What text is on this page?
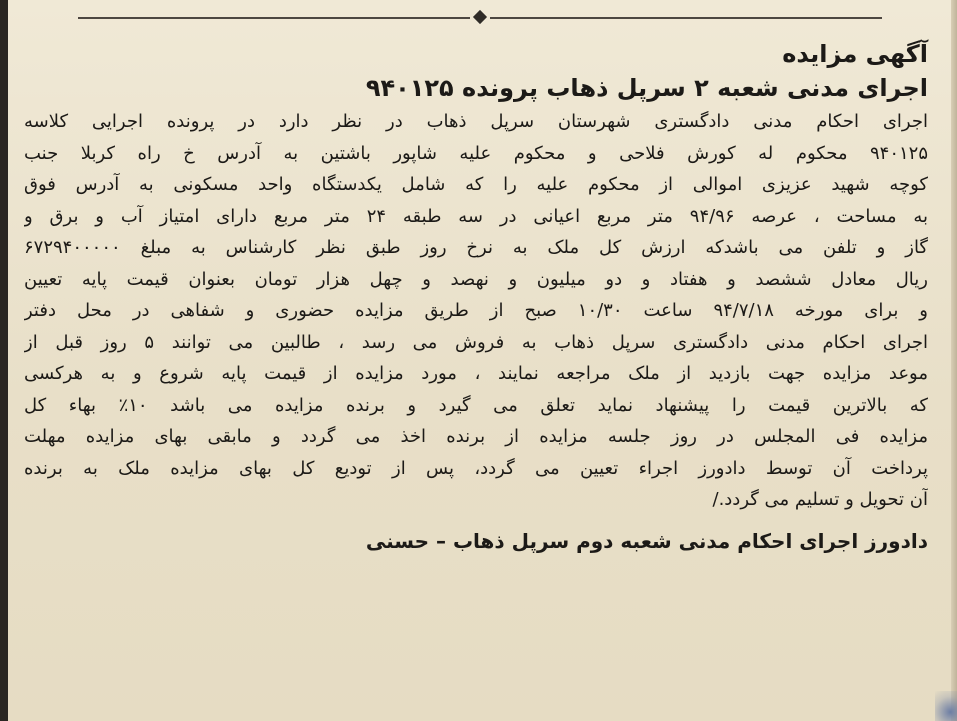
آگهی مزایده
اجرای مدنی شعبه ۲ سرپل ذهاب پرونده ۹۴۰۱۲۵
اجرای احکام مدنی دادگستری شهرستان سرپل ذهاب در نظر دارد در پرونده اجرایی کلاسه
۹۴۰۱۲۵ محکوم له کورش فلاحی و محکوم علیه شاپور باشتین به آدرس خ راه کربلا جنب
کوچه شهید عزیزی اموالی از محکوم علیه را که شامل یکدستگاه واحد مسکونی به آدرس فوق
به مساحت ، عرصه ۹۴/۹۶ متر مربع اعیانی در سه طبقه ۲۴ متر مربع دارای امتیاز آب و برق و
گاز و تلفن می باشدکه ارزش کل ملک به نرخ روز طبق نظر کارشناس به مبلغ ۶۷۲۹۴۰۰۰۰۰
ریال معادل ششصد و هفتاد و دو میلیون و نهصد و چهل هزار تومان بعنوان قیمت پایه تعیین
و برای مورخه ۹۴/۷/۱۸ ساعت ۱۰/۳۰ صبح از طریق مزایده حضوری و شفاهی در محل دفتر
اجرای احکام مدنی دادگستری سرپل ذهاب به فروش می رسد ، طالبین می توانند ۵ روز قبل از
موعد مزایده جهت بازدید از ملک مراجعه نمایند ، مورد مزایده از قیمت پایه شروع و به هرکسی
که بالاترین قیمت را پیشنهاد نماید تعلق می گیرد و برنده مزایده می باشد ۱۰٪ بهاء کل
مزایده فی المجلس در روز جلسه مزایده از برنده اخذ می گردد و مابقی بهای مزایده مهلت
پرداخت آن توسط دادورز اجراء تعیین می گردد، پس از تودیع کل بهای مزایده ملک به برنده
آن تحویل و تسلیم می گردد./
دادورز اجرای احکام مدنی شعبه دوم سرپل ذهاب – حسنی
